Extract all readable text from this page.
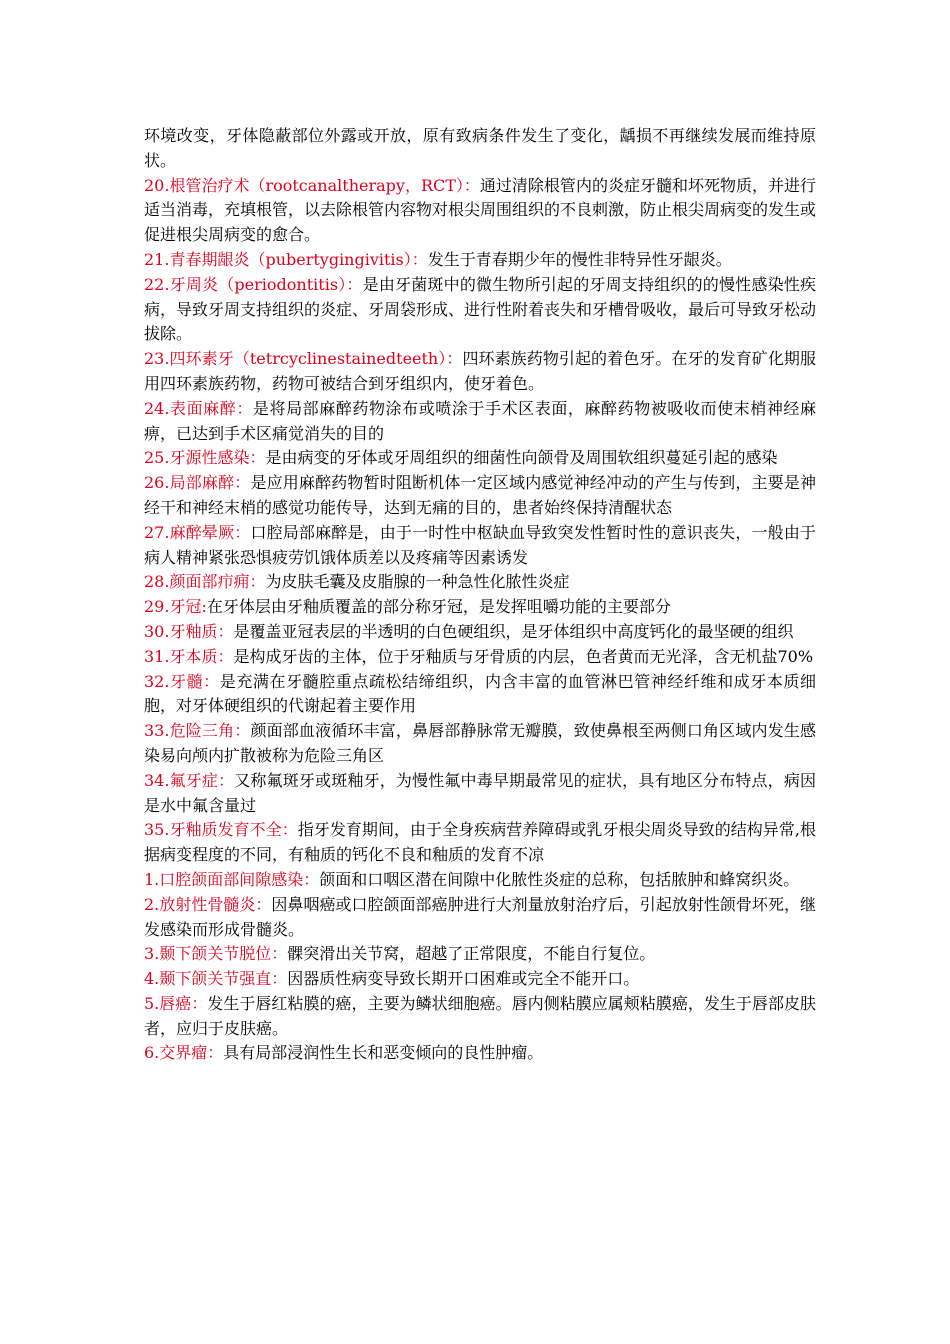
环境改变，牙体隐蔽部位外露或开放，原有致病条件发生了变化，龋损不再继续发展而维持原状。

20.根管治疗术（rootcanaltherapy，RCT）：通过清除根管内的炎症牙髓和坏死物质，并进行适当消毒，充填根管，以去除根管内容物对根尖周围组织的不良刺激，防止根尖周病变的发生或促进根尖周病变的愈合。

21.青春期龈炎（pubertygingivitis）：发生于青春期少年的慢性非特异性牙龈炎。

22.牙周炎（periodontitis）：是由牙菌斑中的微生物所引起的牙周支持组织的的慢性感染性疾病，导致牙周支持组织的炎症、牙周袋形成、进行性附着丧失和牙槽骨吸收，最后可导致牙松动拔除。

23.四环素牙（tetrcyclinestainedteeth）：四环素族药物引起的着色牙。在牙的发育矿化期服用四环素族药物，药物可被结合到牙组织内，使牙着色。

24.表面麻醉：是将局部麻醉药物涂布或喷涂于手术区表面，麻醉药物被吸收而使末梢神经麻痹，已达到手术区痛觉消失的目的

25.牙源性感染：是由病变的牙体或牙周组织的细菌性向颌骨及周围软组织蔓延引起的感染

26.局部麻醉：是应用麻醉药物暂时阻断机体一定区域内感觉神经冲动的产生与传到，主要是神经干和神经末梢的感觉功能传导，达到无痛的目的，患者始终保持清醒状态

27.麻醉晕厥：口腔局部麻醉是，由于一时性中枢缺血导致突发性暂时性的意识丧失，一般由于病人精神紧张恐惧疲劳饥饿体质差以及疼痛等因素诱发

28.颜面部疖痈：为皮肤毛囊及皮脂腺的一种急性化脓性炎症

29.牙冠:在牙体层由牙釉质覆盖的部分称牙冠，是发挥咀嚼功能的主要部分

30.牙釉质：是覆盖亚冠表层的半透明的白色硬组织，是牙体组织中高度钙化的最坚硬的组织

31.牙本质：是构成牙齿的主体，位于牙釉质与牙骨质的内层，色者黄而无光泽，含无机盐70%

32.牙髓：是充满在牙髓腔重点疏松结缔组织，内含丰富的血管淋巴管神经纤维和成牙本质细胞，对牙体硬组织的代谢起着主要作用

33.危险三角：颜面部血液循环丰富，鼻唇部静脉常无瓣膜，致使鼻根至两侧口角区域内发生感染易向颅内扩散被称为危险三角区

34.氟牙症：又称氟斑牙或斑釉牙，为慢性氟中毒早期最常见的症状，具有地区分布特点，病因是水中氟含量过

35.牙釉质发育不全：指牙发育期间，由于全身疾病营养障碍或乳牙根尖周炎导致的结构异常,根据病变程度的不同，有釉质的钙化不良和釉质的发育不凉

1.口腔颌面部间隙感染：颌面和口咽区潜在间隙中化脓性炎症的总称，包括脓肿和蜂窝织炎。

2.放射性骨髓炎：因鼻咽癌或口腔颌面部癌肿进行大剂量放射治疗后，引起放射性颌骨坏死，继发感染而形成骨髓炎。

3.颞下颌关节脱位：髁突滑出关节窝，超越了正常限度，不能自行复位。

4.颞下颌关节强直：因器质性病变导致长期开口困难或完全不能开口。

5.唇癌：发生于唇红粘膜的癌，主要为鳞状细胞癌。唇内侧粘膜应属颊粘膜癌，发生于唇部皮肤者，应归于皮肤癌。

6.交界瘤：具有局部浸润性生长和恶变倾向的良性肿瘤。
